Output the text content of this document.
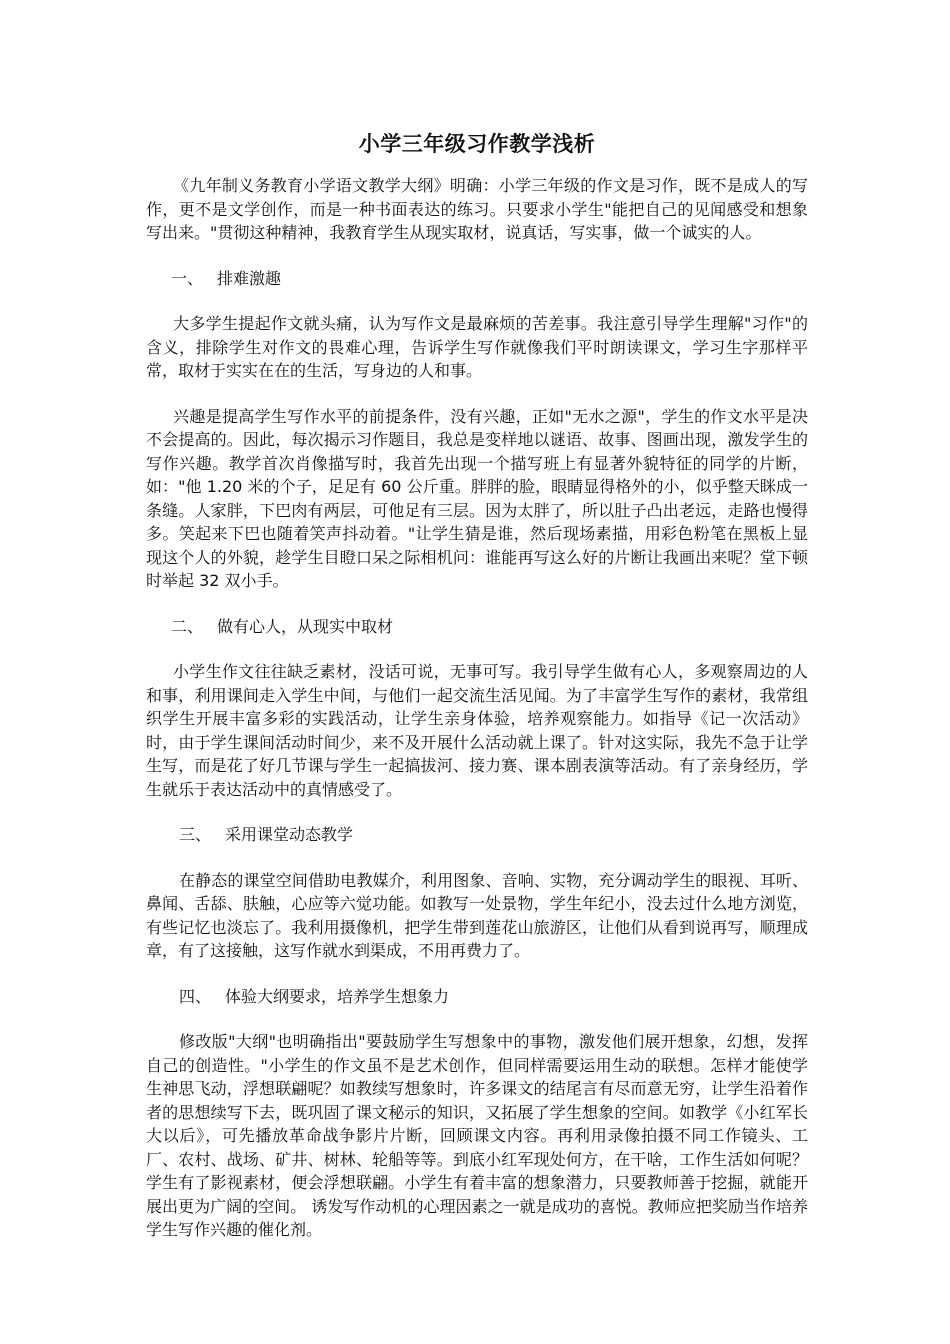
小学三年级习作教学浅析

《九年制义务教育小学语文教学大纲》明确：小学三年级的作文是习作，既不是成人的写作，更不是文学创作，而是一种书面表达的练习。只要求小学生"能把自己的见闻感受和想象写出来。"贯彻这种精神，我教育学生从现实取材，说真话，写实事，做一个诚实的人。

一、 排难激趣

大多学生提起作文就头痛，认为写作文是最麻烦的苦差事。我注意引导学生理解"习作"的含义，排除学生对作文的畏难心理，告诉学生写作就像我们平时朗读课文，学习生字那样平常，取材于实实在在的生活，写身边的人和事。

兴趣是提高学生写作水平的前提条件，没有兴趣，正如"无水之源"，学生的作文水平是决不会提高的。因此，每次揭示习作题目，我总是变样地以谜语、故事、图画出现，激发学生的写作兴趣。教学首次肖像描写时，我首先出现一个描写班上有显著外貌特征的同学的片断，如："他 1.20 米的个子，足足有 60 公斤重。胖胖的脸，眼睛显得格外的小，似乎整天眯成一条缝。人家胖，下巴肉有两层，可他足有三层。因为太胖了，所以肚子凸出老远，走路也慢得多。笑起来下巴也随着笑声抖动着。"让学生猜是谁，然后现场素描，用彩色粉笔在黑板上显现这个人的外貌，趁学生目瞪口呆之际相机问：谁能再写这么好的片断让我画出来呢？堂下顿时举起 32 双小手。

二、 做有心人，从现实中取材

小学生作文往往缺乏素材，没话可说，无事可写。我引导学生做有心人，多观察周边的人和事，利用课间走入学生中间，与他们一起交流生活见闻。为了丰富学生写作的素材，我常组织学生开展丰富多彩的实践活动，让学生亲身体验，培养观察能力。如指导《记一次活动》时，由于学生课间活动时间少，来不及开展什么活动就上课了。针对这实际，我先不急于让学生写，而是花了好几节课与学生一起搞拔河、接力赛、课本剧表演等活动。有了亲身经历，学生就乐于表达活动中的真情感受了。

三、 采用课堂动态教学

在静态的课堂空间借助电教媒介，利用图象、音响、实物，充分调动学生的眼视、耳听、鼻闻、舌舔、肤触，心应等六觉功能。如教写一处景物，学生年纪小，没去过什么地方浏览，有些记忆也淡忘了。我利用摄像机，把学生带到莲花山旅游区，让他们从看到说再写，顺理成章，有了这接触，这写作就水到渠成，不用再费力了。

四、 体验大纲要求，培养学生想象力

修改版"大纲"也明确指出"要鼓励学生写想象中的事物，激发他们展开想象，幻想，发挥自己的创造性。"小学生的作文虽不是艺术创作，但同样需要运用生动的联想。怎样才能使学生神思飞动，浮想联翩呢？如教续写想象时，许多课文的结尾言有尽而意无穷，让学生沿着作者的思想续写下去，既巩固了课文秘示的知识，又拓展了学生想象的空间。如教学《小红军长大以后》，可先播放革命战争影片片断，回顾课文内容。再利用录像拍摄不同工作镜头、工厂、农村、战场、矿井、树林、轮船等等。到底小红军现处何方，在干啥，工作生活如何呢？学生有了影视素材，便会浮想联翩。小学生有着丰富的想象潜力，只要教师善于挖掘，就能开展出更为广阔的空间。 诱发写作动机的心理因素之一就是成功的喜悦。教师应把奖励当作培养学生写作兴趣的催化剂。
